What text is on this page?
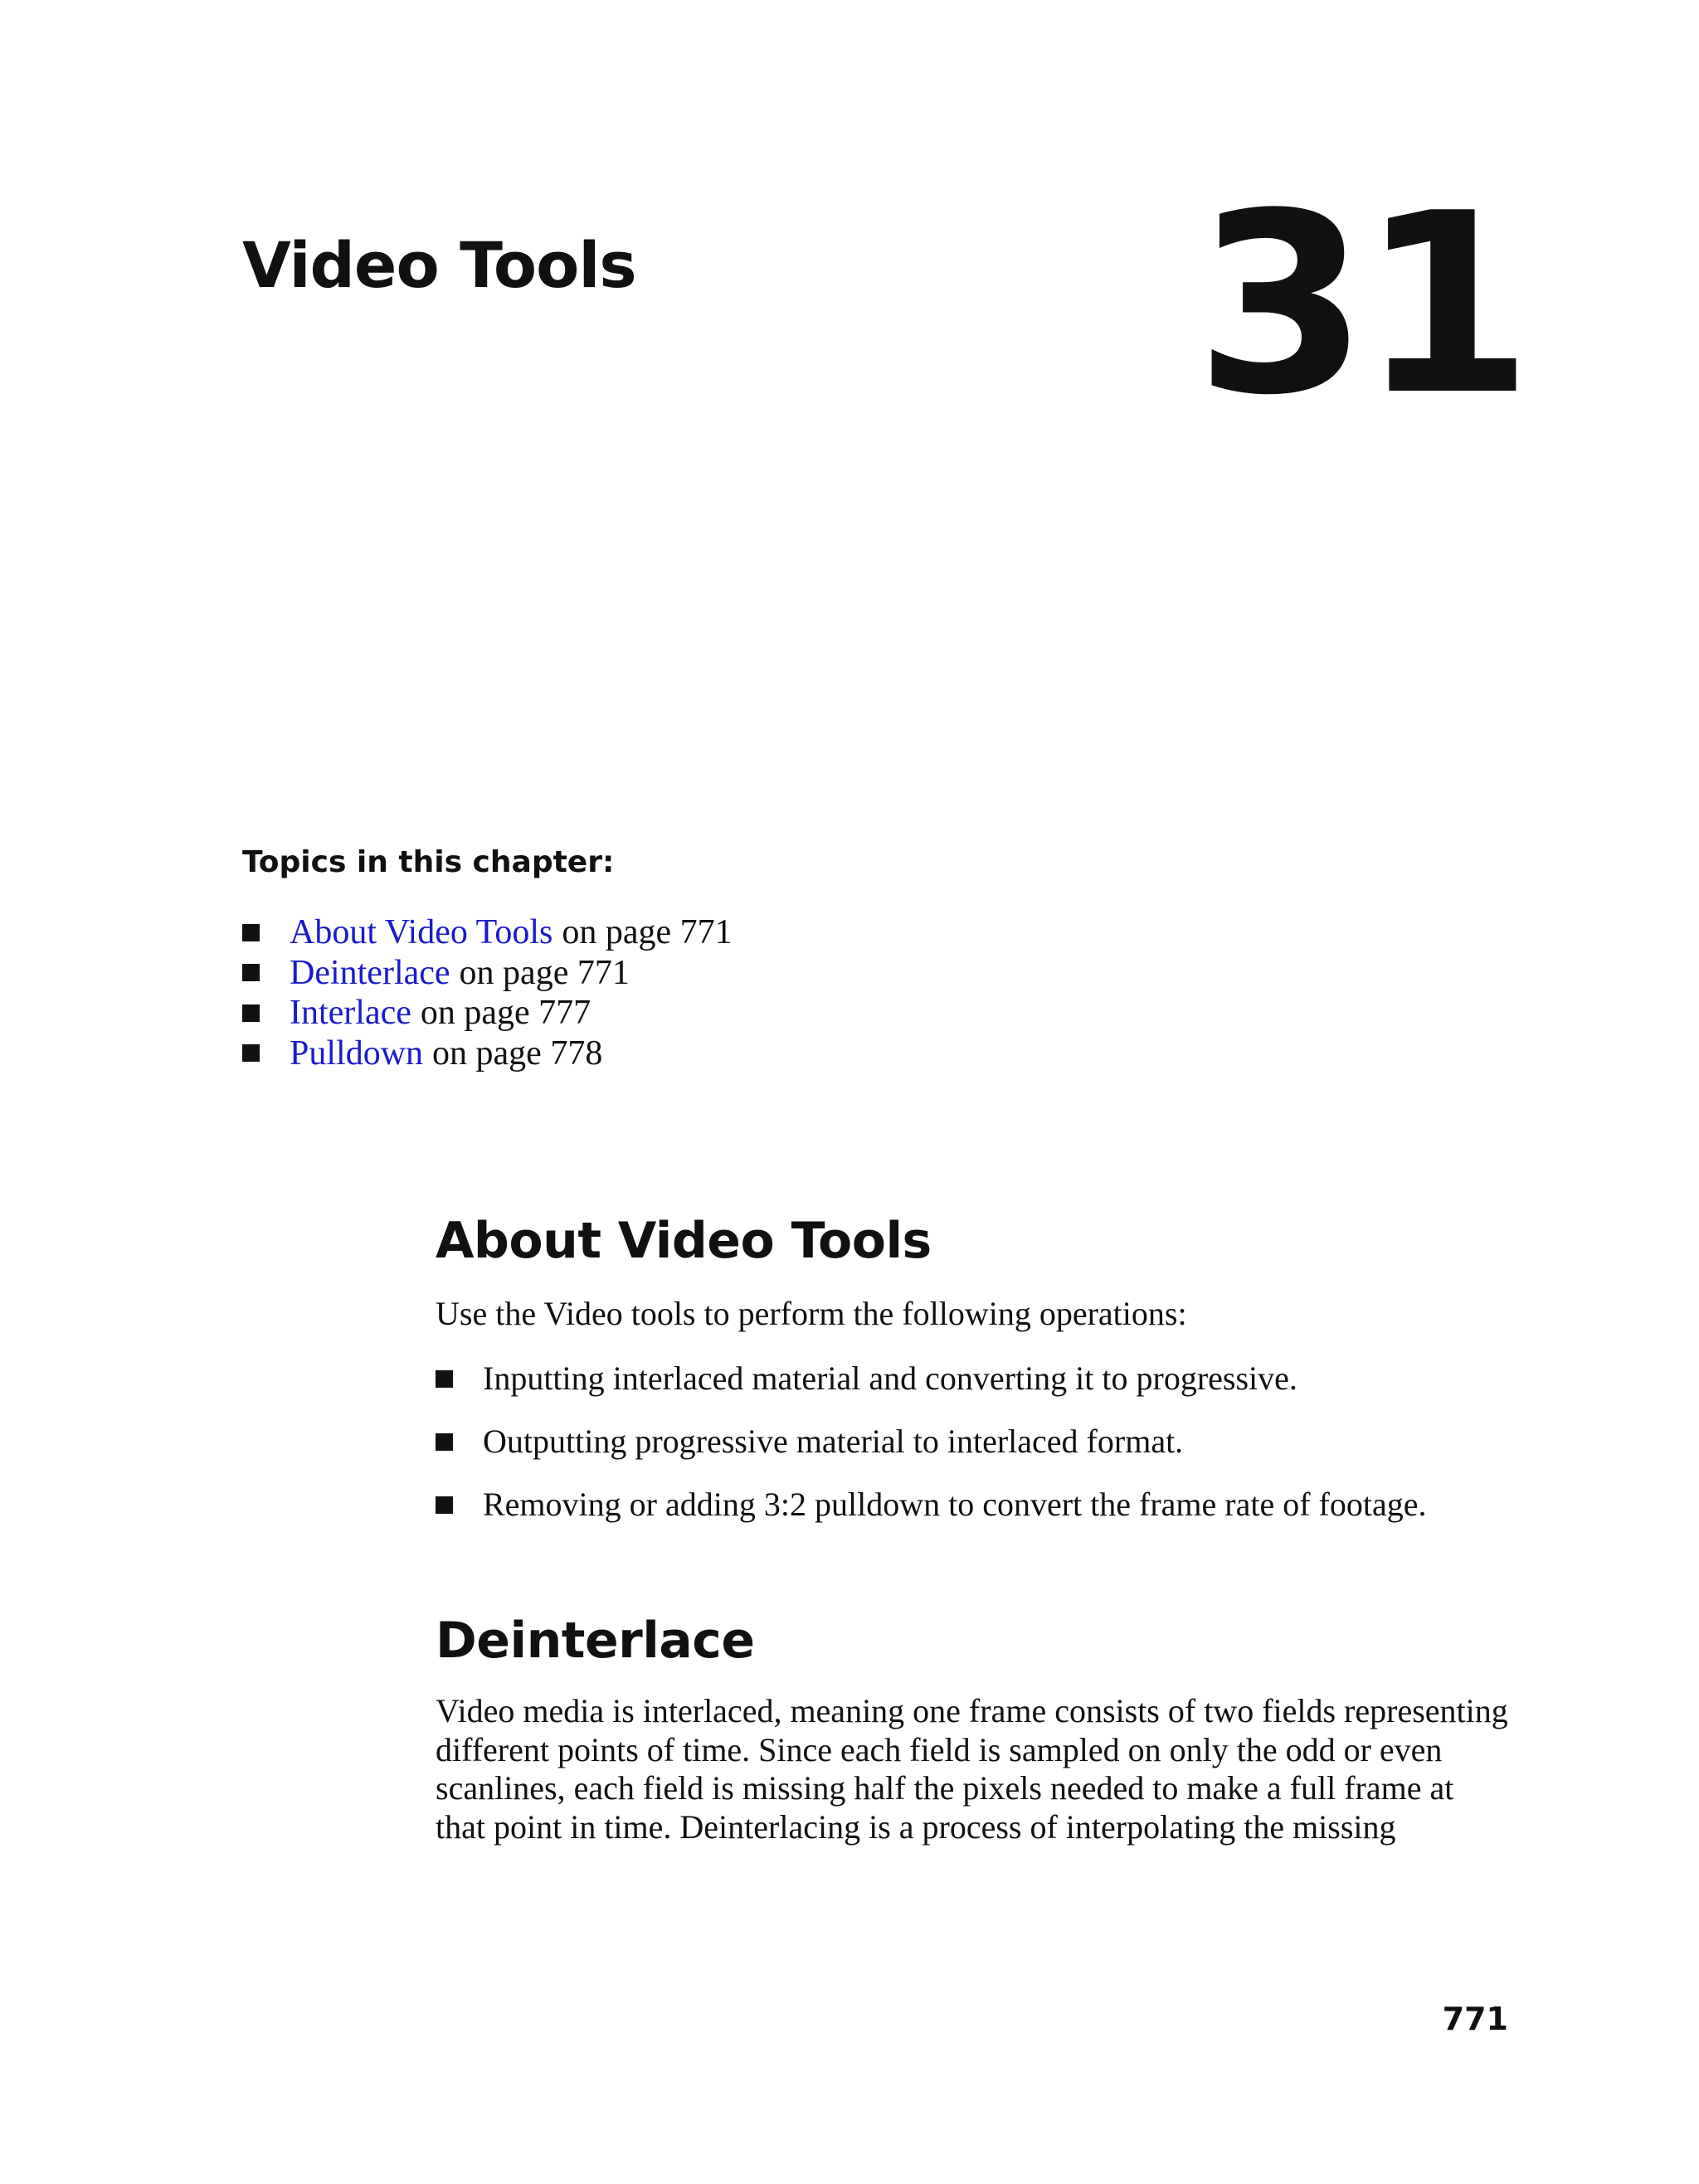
Video Tools 31
Topics in this chapter:
About Video Tools on page 771
Deinterlace on page 771
Interlace on page 777
Pulldown on page 778
About Video Tools

Use the Video tools to perform the following operations:

Inputting interlaced material and converting it to progressive.
Outputting progressive material to interlaced format.
Removing or adding 3:2 pulldown to convert the frame rate of footage.
Deinterlace
Video media is interlaced, meaning one frame consists of two fields representing
different points of time. Since each field is sampled on only the odd or even
scanlines, each field is missing half the pixels needed to make a full frame at
that point in time. Deinterlacing is a process of interpolating the missing
771
